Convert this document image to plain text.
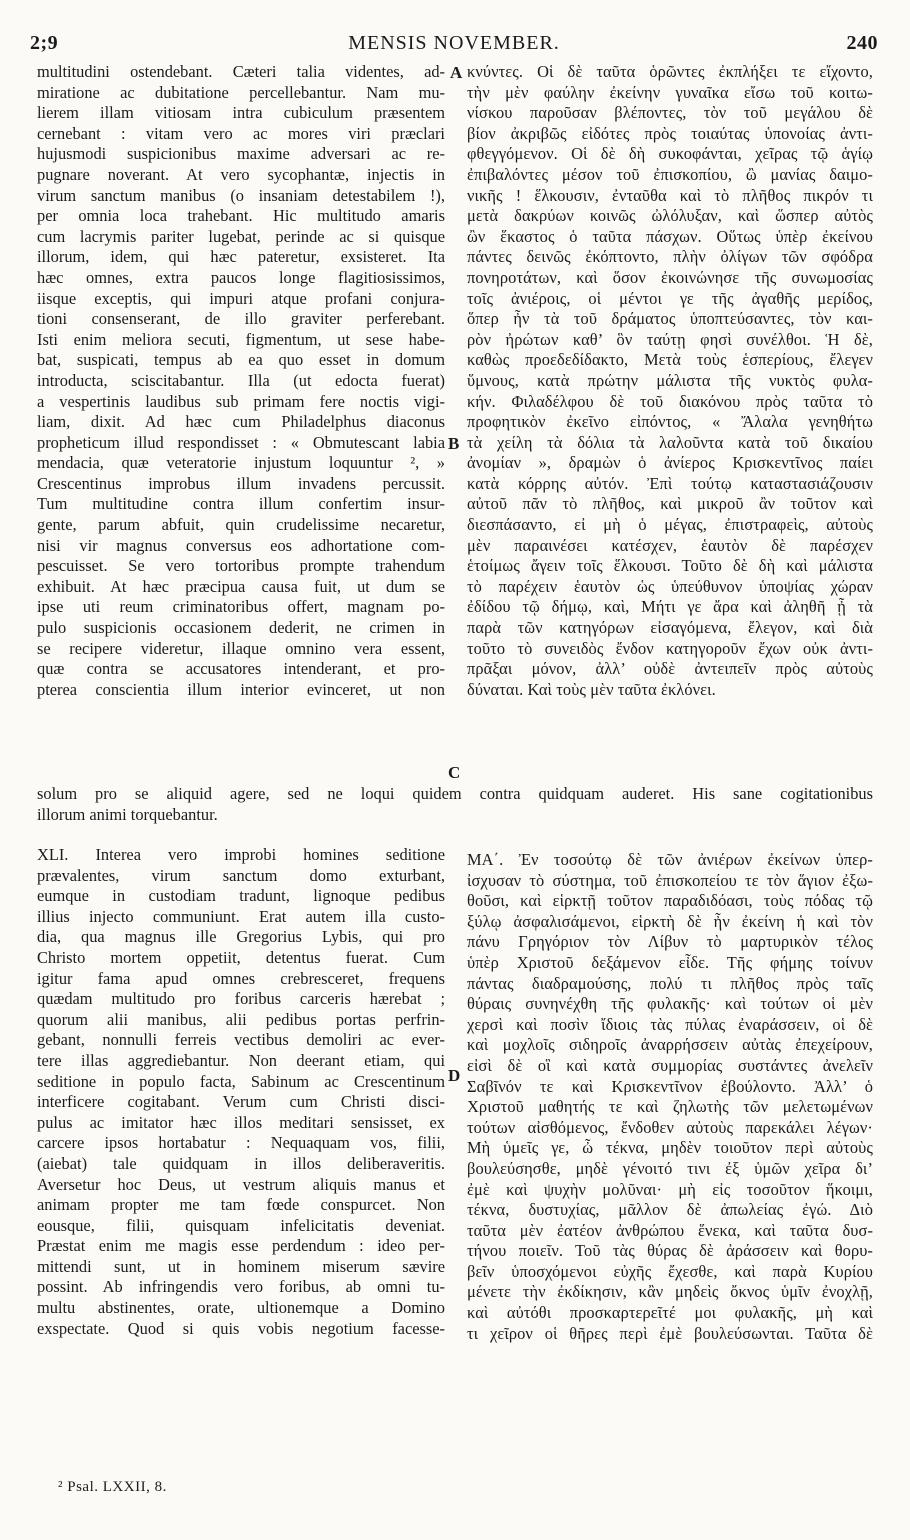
2;9	MENSIS NOVEMBER.	240
A
B
C
D
multitudini ostendebant. Cæteri talia videntes, ad-
miratione ac dubitatione percellebantur. Nam mu-
lierem illam vitiosam intra cubiculum præsentem
cernebant : vitam vero ac mores viri præclari
hujusmodi suspicionibus maxime adversari ac re-
pugnare noverant. At vero sycophantæ, injectis in
virum sanctum manibus (o insaniam detestabilem !),
per omnia loca trahebant. Hic multitudo amaris
cum lacrymis pariter lugebat, perinde ac si quisque
illorum, idem, qui hæc pateretur, exsisteret. Ita
hæc omnes, extra paucos longe flagitiosissimos,
iisque exceptis, qui impuri atque profani conjura-
tioni consenserant, de illo graviter perferebant.
Isti enim meliora secuti, figmentum, ut sese habe-
bat, suspicati, tempus ab ea quo esset in domum
introducta, sciscitabantur. Illa (ut edocta fuerat)
a vespertinis laudibus sub primam fere noctis vigi-
liam, dixit. Ad hæc cum Philadelphus diaconus
propheticum illud respondisset : « Obmutescant labia
mendacia, quæ veteratorie injustum loquuntur ², »
Crescentinus improbus illum invadens percussit.
Tum multitudine contra illum confertim insur-
gente, parum abfuit, quin crudelissime necaretur,
nisi vir magnus conversus eos adhortatione com-
pescuisset. Se vero tortoribus prompte trahendum
exhibuit. At hæc præcipua causa fuit, ut dum se
ipse uti reum criminatoribus offert, magnam po-
pulo suspicionis occasionem dederit, ne crimen in
se recipere videretur, illaque omnino vera essent,
quæ contra se accusatores intenderant, et pro-
pterea conscientia illum interior evinceret, ut non
κνύντες. Οἱ δὲ ταῦτα ὁρῶντες ἐκπλήξει τε εἴχοντο,
τὴν μὲν φαύλην ἐκείνην γυναῖκα εἴσω τοῦ κοιτω-
νίσκου παροῦσαν βλέποντες, τὸν τοῦ μεγάλου δὲ
βίον ἀκριβῶς εἰδότες πρὸς τοιαύτας ὑπονοίας ἀντι-
φθεγγόμενον. Οἱ δὲ δὴ συκοφάνται, χεῖρας τῷ ἁγίῳ
ἐπιβαλόντες μέσον τοῦ ἐπισκοπίου, ὢ μανίας δαιμο-
νικῆς ! ἕλκουσιν, ἐνταῦθα καὶ τὸ πλῆθος πικρόν τι
μετὰ δακρύων κοινῶς ὠλόλυξαν, καὶ ὥσπερ αὐτὸς
ὢν ἕκαστος ὁ ταῦτα πάσχων. Οὕτως ὑπὲρ ἐκείνου
πάντες δεινῶς ἐκόπτοντο, πλὴν ὀλίγων τῶν σφόδρα
πονηροτάτων, καὶ ὅσον ἐκοινώνησε τῆς συνωμοσίας
τοῖς ἀνιέροις, οἱ μέντοι γε τῆς ἀγαθῆς μερίδος,
ὅπερ ἦν τὰ τοῦ δράματος ὑποπτεύσαντες, τὸν και-
ρὸν ἠρώτων καθ’ ὃν ταύτῃ φησὶ συνέλθοι. Ἡ δὲ,
καθὼς προεδεδίδακτο, Μετὰ τοὺς ἑσπερίους, ἔλεγεν
ὕμνους, κατὰ πρώτην μάλιστα τῆς νυκτὸς φυλα-
κήν. Φιλαδέλφου δὲ τοῦ διακόνου πρὸς ταῦτα τὸ
προφητικὸν ἐκεῖνο εἰπόντος, « Ἄλαλα γενηθήτω
τὰ χείλη τὰ δόλια τὰ λαλοῦντα κατὰ τοῦ δικαίου
ἀνομίαν », δραμὼν ὁ ἀνίερος Κρισκεντῖνος παίει
κατὰ κόρρης αὐτόν. Ἐπὶ τούτῳ καταστασιάζουσιν
αὐτοῦ πᾶν τὸ πλῆθος, καὶ μικροῦ ἂν τοῦτον καὶ
διεσπάσαντο, εἰ μὴ ὁ μέγας, ἐπιστραφεὶς, αὐτοὺς
μὲν παραινέσει κατέσχεν, ἑαυτὸν δὲ παρέσχεν
ἑτοίμως ἄγειν τοῖς ἕλκουσι. Τοῦτο δὲ δὴ καὶ μάλιστα
τὸ παρέχειν ἑαυτὸν ὡς ὑπεύθυνον ὑποψίας χώραν
ἐδίδου τῷ δήμῳ, καὶ, Μήτι γε ἄρα καὶ ἀληθῆ ᾖ τὰ
παρὰ τῶν κατηγόρων εἰσαγόμενα, ἔλεγον, καὶ διὰ
τοῦτο τὸ συνειδὸς ἔνδον κατηγοροῦν ἔχων οὐκ ἀντι-
πρᾶξαι μόνον, ἀλλ’ οὐδὲ ἀντειπεῖν πρὸς αὐτοὺς
δύναται. Καὶ τοὺς μὲν ταῦτα ἐκλόνει.
solum pro se aliquid agere, sed ne loqui quidem contra quidquam auderet. His sane cogitationibus
illorum animi torquebantur.
XLI. Interea vero improbi homines seditione
prævalentes, virum sanctum domo exturbant,
eumque in custodiam tradunt, lignoque pedibus
illius injecto communiunt. Erat autem illa custo-
dia, qua magnus ille Gregorius Lybis, qui pro
Christo mortem oppetiit, detentus fuerat. Cum
igitur fama apud omnes crebresceret, frequens
quædam multitudo pro foribus carceris hærebat ;
quorum alii manibus, alii pedibus portas perfrin-
gebant, nonnulli ferreis vectibus demoliri ac ever-
tere illas aggrediebantur. Non deerant etiam, qui
seditione in populo facta, Sabinum ac Crescentinum
interficere cogitabant. Verum cum Christi disci-
pulus ac imitator hæc illos meditari sensisset, ex
carcere ipsos hortabatur : Nequaquam vos, filii,
(aiebat) tale quidquam in illos deliberaveritis.
Aversetur hoc Deus, ut vestrum aliquis manus et
animam propter me tam fœde conspurcet. Non
eousque, filii, quisquam infelicitatis deveniat.
Præstat enim me magis esse perdendum : ideo per-
mittendi sunt, ut in hominem miserum sævire
possint. Ab infringendis vero foribus, ab omni tu-
multu abstinentes, orate, ultionemque a Domino
exspectate. Quod si quis vobis negotium facesse-
ΜΑ΄. Ἐν τοσούτῳ δὲ τῶν ἀνιέρων ἐκείνων ὑπερ-
ἰσχυσαν τὸ σύστημα, τοῦ ἐπισκοπείου τε τὸν ἅγιον ἐξω-
θοῦσι, καὶ εἱρκτῇ τοῦτον παραδιδόασι, τοὺς πόδας τῷ
ξύλῳ ἀσφαλισάμενοι, εἱρκτὴ δὲ ἦν ἐκείνη ἡ καὶ τὸν
πάνυ Γρηγόριον τὸν Λίβυν τὸ μαρτυρικὸν τέλος
ὑπὲρ Χριστοῦ δεξάμενον εἶδε. Τῆς φήμης τοίνυν
πάντας διαδραμούσης, πολύ τι πλῆθος πρὸς ταῖς
θύραις συνηνέχθη τῆς φυλακῆς· καὶ τούτων οἱ μὲν
χερσὶ καὶ ποσὶν ἴδιοις τὰς πύλας ἐναράσσειν, οἱ δὲ
καὶ μοχλοῖς σιδηροῖς ἀναρρήσσειν αὐτὰς ἐπεχείρουν,
εἰσὶ δὲ οἳ καὶ κατὰ συμμορίας συστάντες ἀνελεῖν
Σαβῖνόν τε καὶ Κρισκεντῖνον ἐβούλοντο. Ἀλλ’ ὁ
Χριστοῦ μαθητής τε καὶ ζηλωτὴς τῶν μελετωμένων
τούτων αἰσθόμενος, ἔνδοθεν αὐτοὺς παρεκάλει λέγων·
Μὴ ὑμεῖς γε, ὦ τέκνα, μηδὲν τοιοῦτον περὶ αὐτοὺς
βουλεύσησθε, μηδὲ γένοιτό τινι ἐξ ὑμῶν χεῖρα δι’
ἐμὲ καὶ ψυχὴν μολῦναι· μὴ εἰς τοσοῦτον ἥκοιμι,
τέκνα, δυστυχίας, μᾶλλον δὲ ἀπωλείας ἐγώ. Διὸ
ταῦτα μὲν ἐατέον ἀνθρώπου ἕνεκα, καὶ ταῦτα δυσ-
τήνου ποιεῖν. Τοῦ τὰς θύρας δὲ ἀράσσειν καὶ θορυ-
βεῖν ὑποσχόμενοι εὐχῆς ἔχεσθε, καὶ παρὰ Κυρίου
μένετε τὴν ἐκδίκησιν, κἂν μηδεὶς ὄκνος ὑμῖν ἐνοχλῇ,
καὶ αὐτόθι προσκαρτερεῖτέ μοι φυλακῆς, μὴ καὶ
τι χεῖρον οἱ θῆρες περὶ ἐμὲ βουλεύσωνται. Ταῦτα δὲ
² Psal. LXXII, 8.
